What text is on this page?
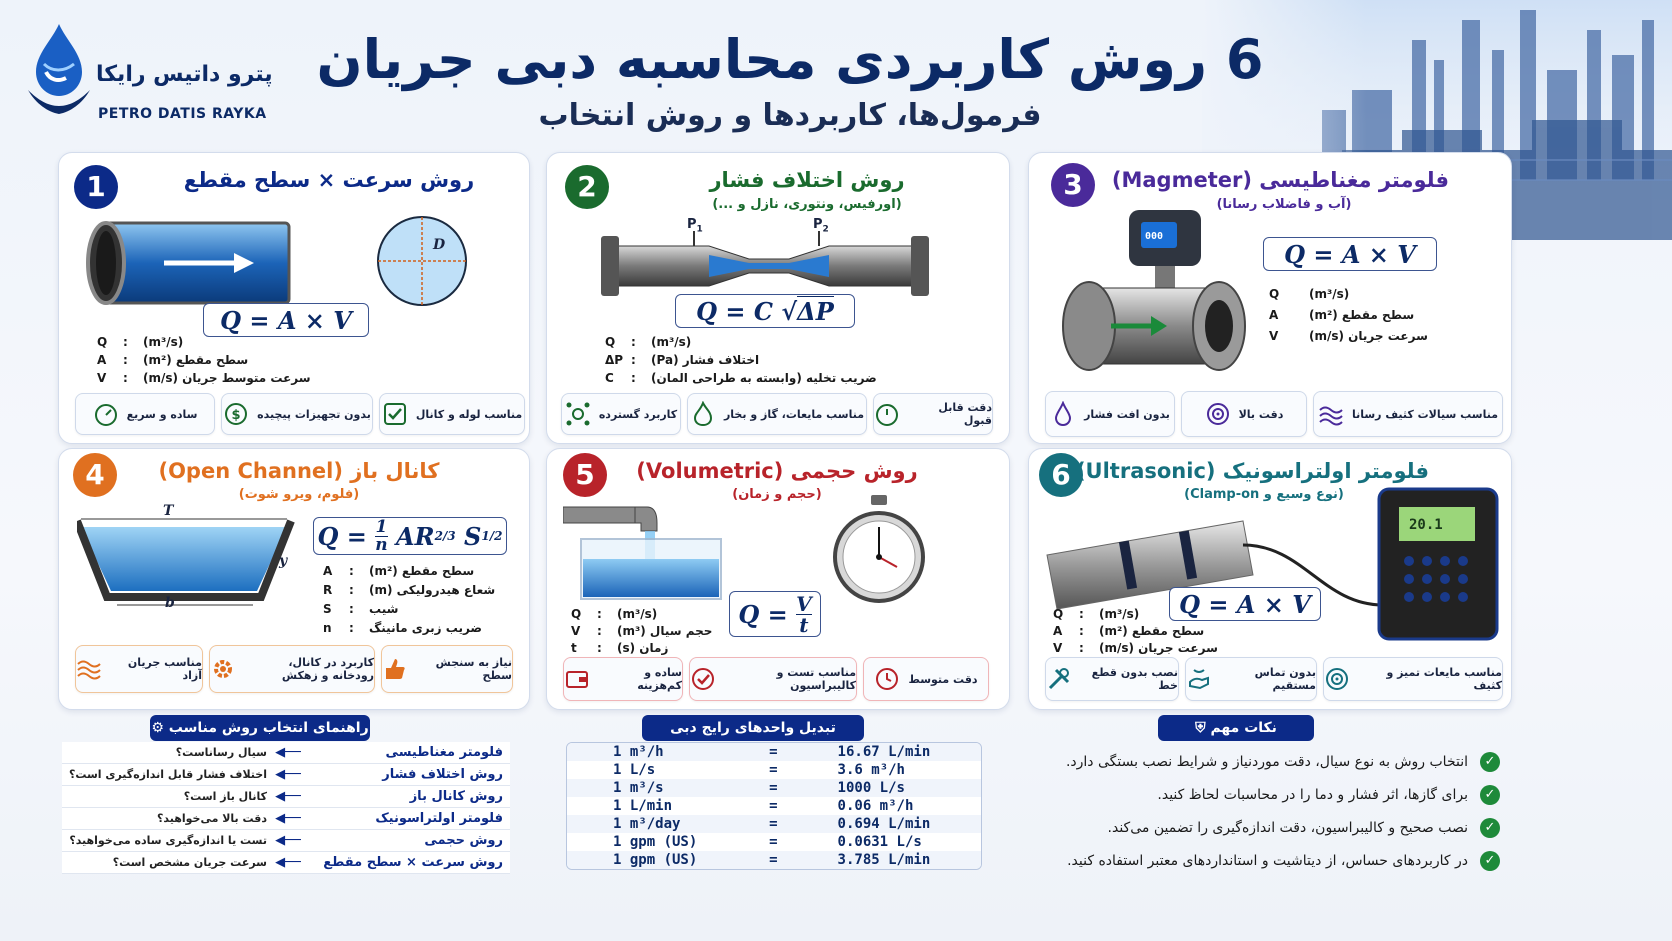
پترو داتیس رایکا
PETRO DATIS RAYKA
6 روش کاربردی محاسبه دبی جریان
فرمول‌ها، کاربردها و روش انتخاب
1	روش سرعت × سطح مقطع
D
Q = A × V
Q	:	(m³/s)
A	:	سطح مقطع (m²)
V	:	سرعت متوسط جریان (m/s)
ساده و سریع	بدون تجهیزات پیچیده
$	مناسب لوله و کانال
2	روش اختلاف فشار
(اورفیس، ونتوری، نازل و ...)
$P_1$	$P_2$
Q = C
√ ΔP
Q	:	(m³/s)
ΔP :	اختلاف فشار (Pa)
C	:	ضریب تخلیه (وابسته به طراحی المان)
کاربرد گسترده	مناسب مایعات، گاز و بخار	دقت قابل قبول
3	فلومتر مغناطیسی (Magmeter)
(آب و فاضلاب رسانا)
000
Q = A × V
Q	(m³/s)
A	سطح مقطع (m²)
V	سرعت جریان (m/s)
بدون افت فشار	دقت بالا	مناسب سیالات کثیف رسانا
4	کانال باز (Open Channel)
(فلوم، ویرو شوت)
T
b
y
Q = 1
n AR 2/3 S 1/2
A	:	سطح مقطع (m²)
R	:	شعاع هیدرولیکی (m)
S	:	شیب
n	:	ضریب زبری مانینگ
مناسب جریان آزاد
کاربرد در کانال، رودخانه و زهکش
نیاز به سنجش سطح
5	روش حجمی (Volumetric)
(حجم و زمان)
Q
=
$\frac{V}{t}$
Q	:	(m³/s)
V	:	حجم سیال (m³)
t	:	زمان (s)
ساده و کم‌هزینه
مناسب تست و کالیبراسیون	دقت متوسط
6 فلومتر اولتراسونیک (Ultrasonic)
(نوع وسیع و Clamp-on)
20.1
Q = A × V
Q	:	(m³/s)
A	:	سطح مقطع (m²)
V	:	سرعت جریان (m/s)
نصب بدون قطع خط
بدون تماس مستقیم
مناسب مایعات تمیز و کثیف
راهنمای انتخاب روش مناسب ⚙
سیال رساناست؟ ◀──	فلومتر مغناطیسی
اختلاف فشار قابل اندازه‌گیری است؟ ◀──	روش اختلاف فشار
کانال باز است؟ ◀──	روش کانال باز
دقت بالا می‌خواهید؟ ◀──	فلومتر اولتراسونیک
تست یا اندازه‌گیری ساده می‌خواهید؟ ◀──	روش حجمی
سرعت جریان مشخص است؟ ◀──	روش سرعت × سطح مقطع
تبدیل واحدهای رایج دبی
1 m³/h	=	16.67 L/min
1 L/s	=	3.6 m³/h
1 m³/s	=	1000 L/s
1 L/min	=	0.06 m³/h
1 m³/day	=	0.694 L/min
1 gpm (US)	=	0.0631 L/s
1 gpm (US)	=	3.785 L/min
نکات مهم ⛨
انتخاب روش به نوع سیال، دقت موردنیاز و شرایط نصب بستگی دارد.	✓
برای گازها، اثر فشار و دما را در محاسبات لحاظ کنید.	✓
نصب صحیح و کالیبراسیون، دقت اندازه‌گیری را تضمین می‌کند.	✓
در کاربردهای حساس، از دیتاشیت و استانداردهای معتبر استفاده کنید.	✓
